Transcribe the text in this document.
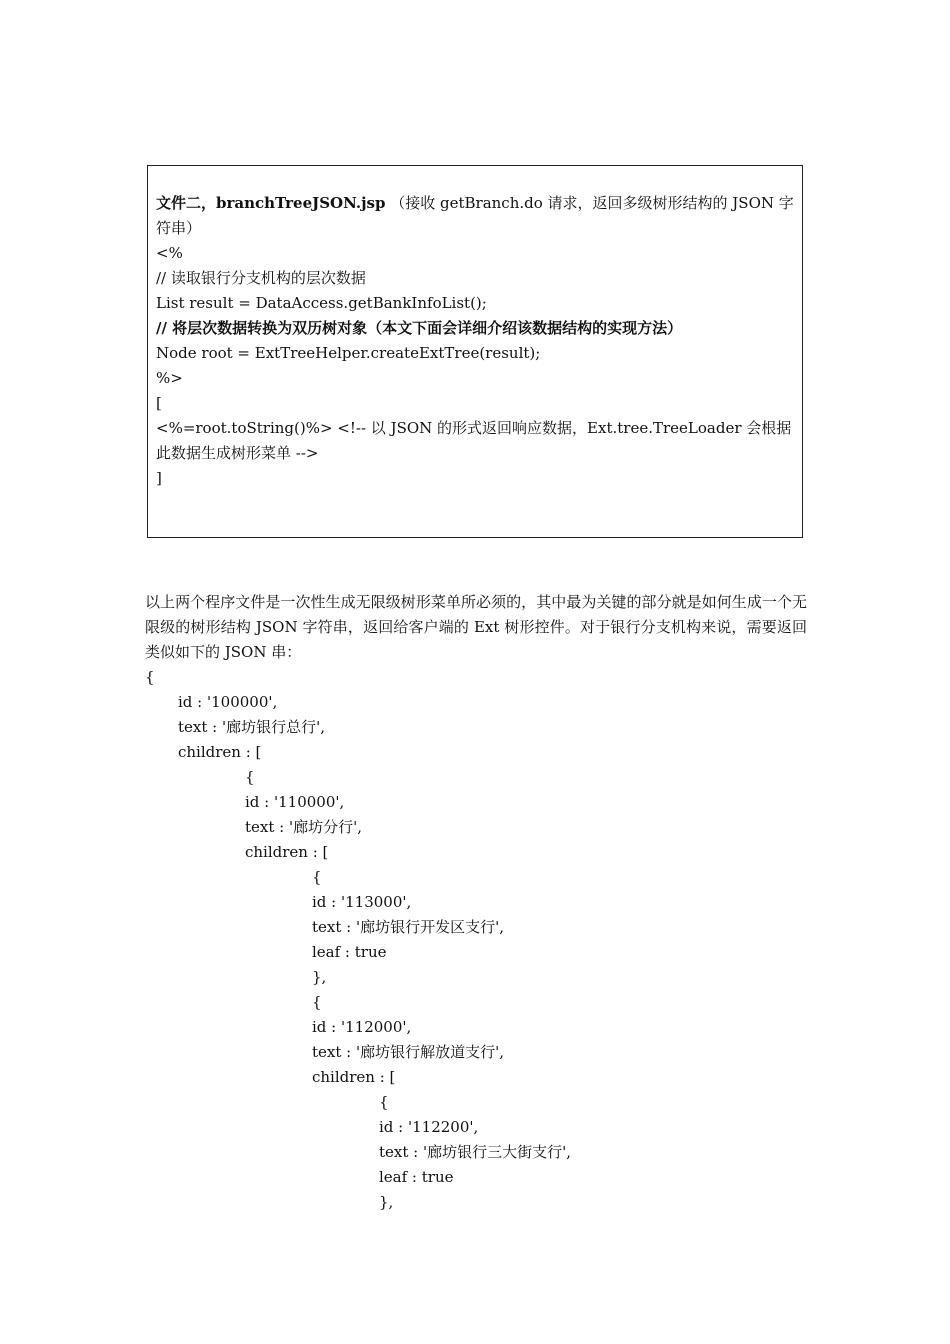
文件二，branchTreeJSON.jsp （接收 getBranch.do 请求，返回多级树形结构的 JSON 字符串）
<%
// 读取银行分支机构的层次数据
List result = DataAccess.getBankInfoList();
// 将层次数据转换为双历树对象（本文下面会详细介绍该数据结构的实现方法）
Node root = ExtTreeHelper.createExtTree(result);
%>
[
<%=root.toString()%> <!-- 以 JSON 的形式返回响应数据，Ext.tree.TreeLoader 会根据此数据生成树形菜单 -->
]

以上两个程序文件是一次性生成无限级树形菜单所必须的，其中最为关键的部分就是如何生成一个无限级的树形结构 JSON 字符串，返回给客户端的 Ext 树形控件。对于银行分支机构来说，需要返回类似如下的 JSON 串：

{
id : '100000',
text : '廊坊银行总行',
children : [
{
id : '110000',
text : '廊坊分行',
children : [
{
id : '113000',
text : '廊坊银行开发区支行',
leaf : true
},
{
id : '112000',
text : '廊坊银行解放道支行',
children : [
{
id : '112200',
text : '廊坊银行三大街支行',
leaf : true
},
